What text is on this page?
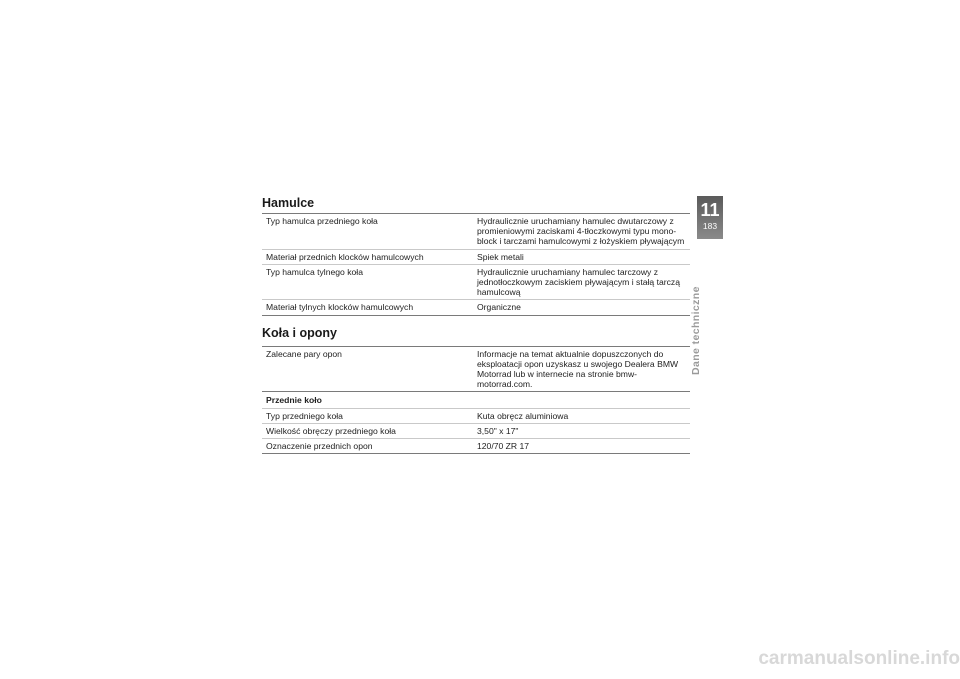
Hamulce
Typ hamulca przedniego koła	Hydraulicznie uruchamiany hamulec dwutarczowy z promieniowymi zaciskami 4-tłoczkowymi typu mono-block i tarczami hamulcowymi z łożyskiem pływającym
Materiał przednich klocków hamulcowych	Spiek metali
Typ hamulca tylnego koła	Hydraulicznie uruchamiany hamulec tarczowy z jednotłoczkowym zaciskiem pływającym i stałą tarczą hamulcową
Materiał tylnych klocków hamulcowych	Organiczne
Koła i opony
Zalecane pary opon	Informacje na temat aktualnie dopuszczonych do eksploatacji opon uzyskasz u swojego Dealera BMW Motorrad lub w internecie na stronie bmw-motorrad.com.
Przednie koło	
Typ przedniego koła	Kuta obręcz aluminiowa
Wielkość obręczy przedniego koła	3,50" x 17"
Oznaczenie przednich opon	120/70 ZR 17
11
183
Dane techniczne
carmanualsonline.info
